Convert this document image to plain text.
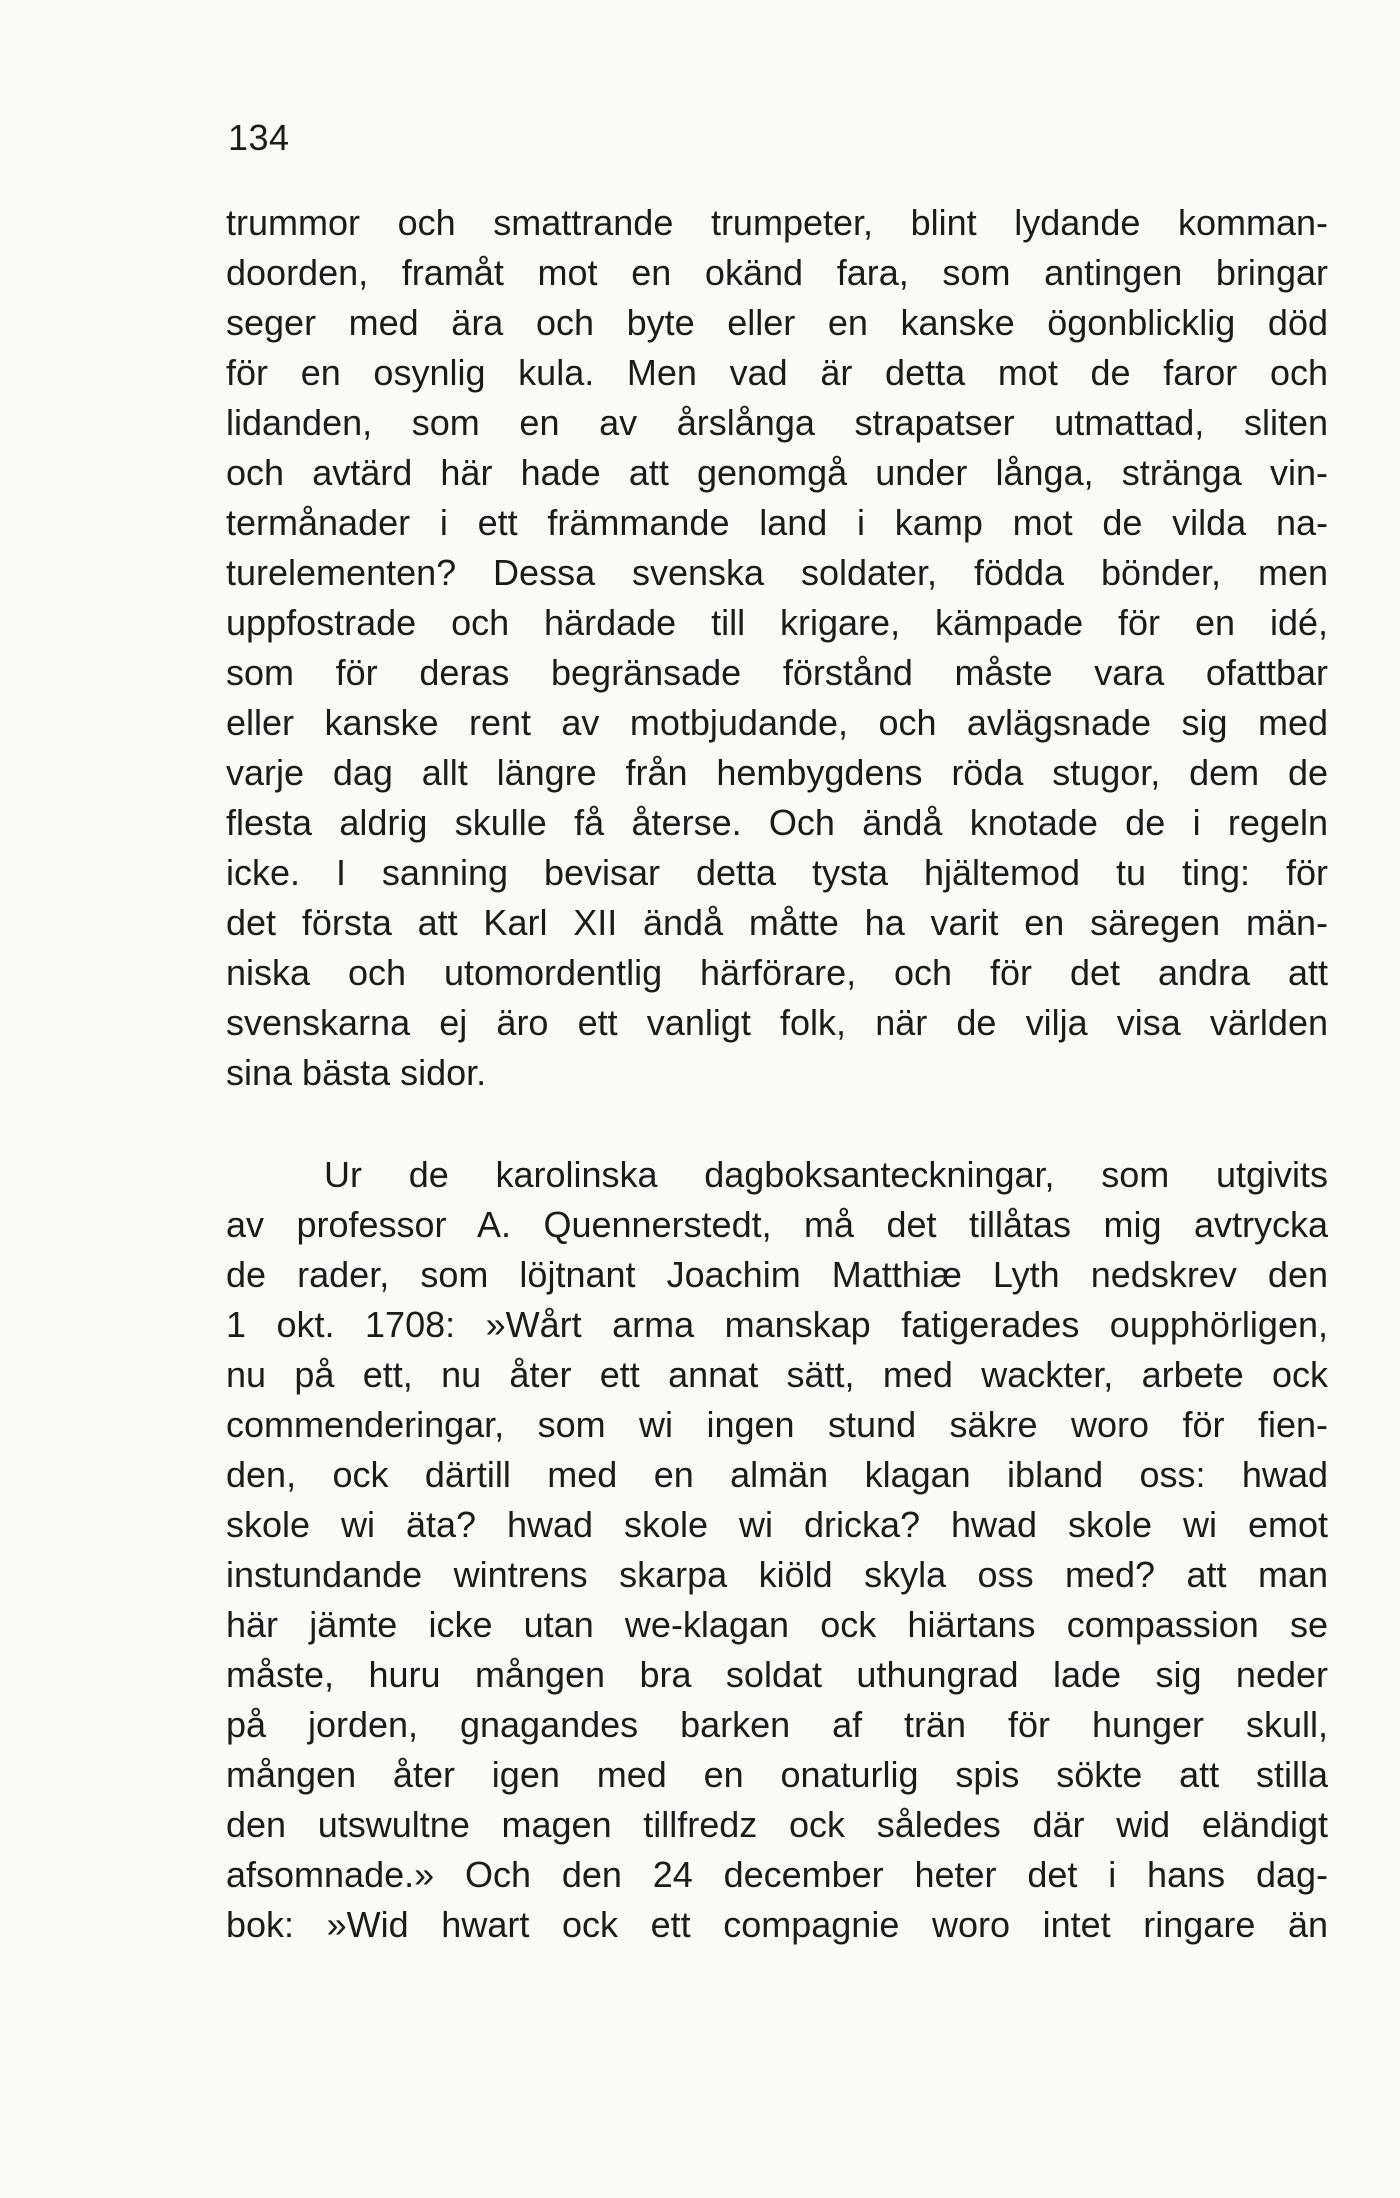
134
trummor och smattrande trumpeter, blint lydande komman-
doorden, framåt mot en okänd fara, som antingen bringar
seger med ära och byte eller en kanske ögonblicklig död
för en osynlig kula. Men vad är detta mot de faror och
lidanden, som en av årslånga strapatser utmattad, sliten
och avtärd här hade att genomgå under långa, stränga vin-
termånader i ett främmande land i kamp mot de vilda na-
turelementen? Dessa svenska soldater, födda bönder, men
uppfostrade och härdade till krigare, kämpade för en idé,
som för deras begränsade förstånd måste vara ofattbar
eller kanske rent av motbjudande, och avlägsnade sig med
varje dag allt längre från hembygdens röda stugor, dem de
flesta aldrig skulle få återse. Och ändå knotade de i regeln
icke. I sanning bevisar detta tysta hjältemod tu ting: för
det första att Karl XII ändå måtte ha varit en säregen män-
niska och utomordentlig härförare, och för det andra att
svenskarna ej äro ett vanligt folk, när de vilja visa världen
sina bästa sidor.
Ur de karolinska dagboksanteckningar, som utgivits
av professor A. Quennerstedt, må det tillåtas mig avtrycka
de rader, som löjtnant Joachim Matthiæ Lyth nedskrev den
1 okt. 1708: »Wårt arma manskap fatigerades oupphörligen,
nu på ett, nu åter ett annat sätt, med wackter, arbete ock
commenderingar, som wi ingen stund säkre woro för fien-
den, ock därtill med en almän klagan ibland oss: hwad
skole wi äta? hwad skole wi dricka? hwad skole wi emot
instundande wintrens skarpa kiöld skyla oss med? att man
här jämte icke utan we-klagan ock hiärtans compassion se
måste, huru mången bra soldat uthungrad lade sig neder
på jorden, gnagandes barken af trän för hunger skull,
mången åter igen med en onaturlig spis sökte att stilla
den utswultne magen tillfredz ock således där wid eländigt
afsomnade.» Och den 24 december heter det i hans dag-
bok: »Wid hwart ock ett compagnie woro intet ringare än
